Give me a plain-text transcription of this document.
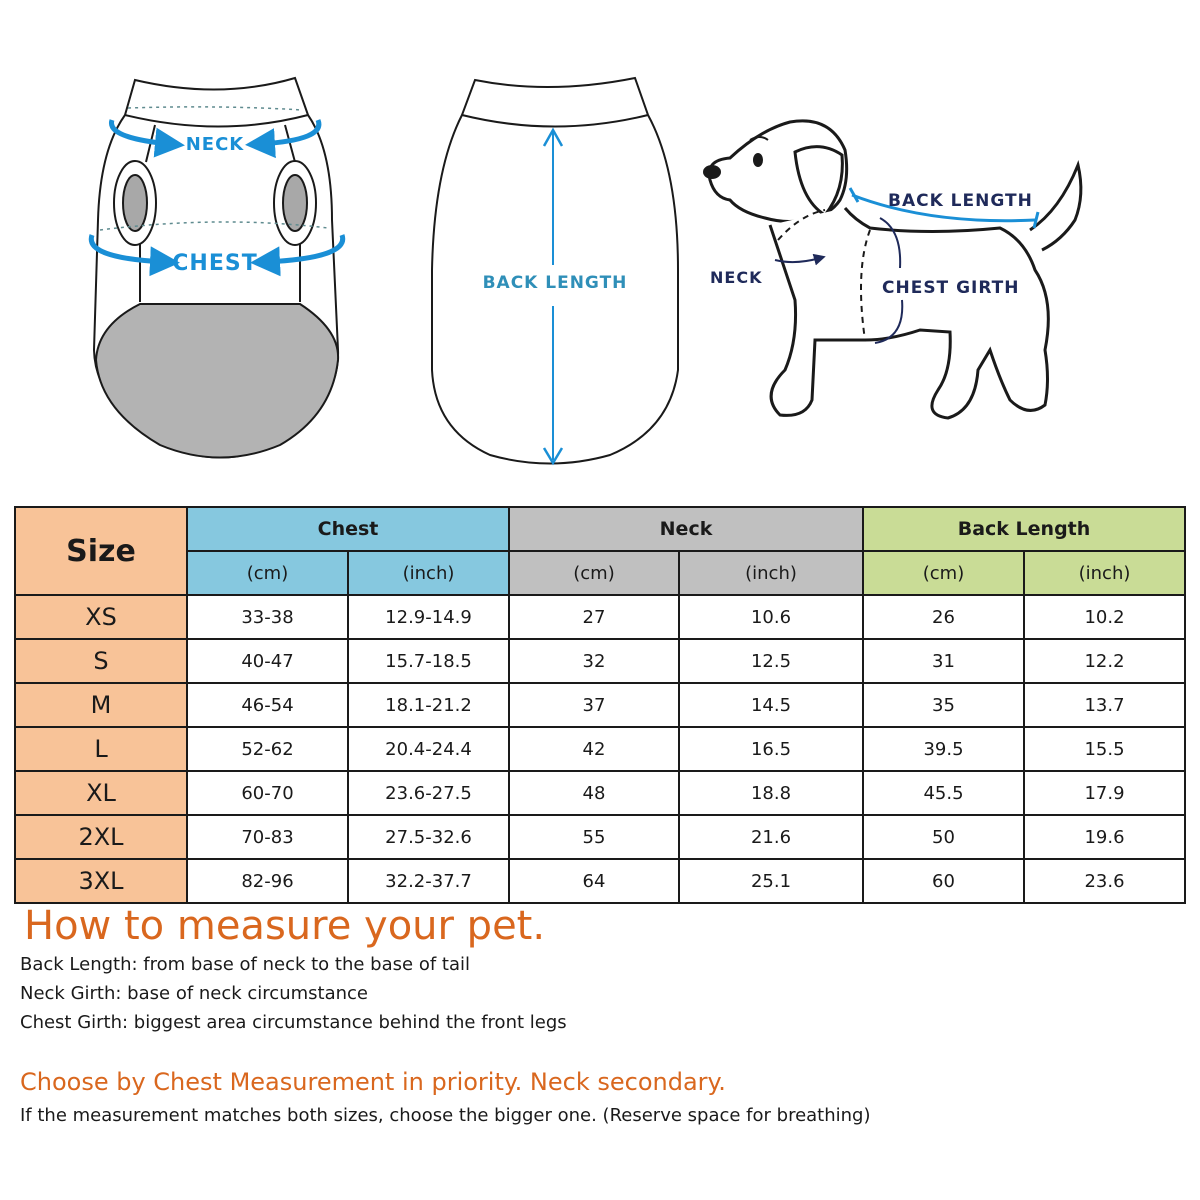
NECK
CHEST
BACK LENGTH
BACK LENGTH
NECK
CHEST GIRTH
Size	Chest		Neck		Back Length	
	(cm)	(inch)	(cm)	(inch)	(cm)	(inch)
XS	33-38	12.9-14.9	27	10.6	26	10.2
S	40-47	15.7-18.5	32	12.5	31	12.2
M	46-54	18.1-21.2	37	14.5	35	13.7
L	52-62	20.4-24.4	42	16.5	39.5	15.5
XL	60-70	23.6-27.5	48	18.8	45.5	17.9
2XL	70-83	27.5-32.6	55	21.6	50	19.6
3XL	82-96	32.2-37.7	64	25.1	60	23.6
How to measure your pet.

Back Length: from base of neck to the base of tail

Neck Girth: base of neck circumstance

Chest Girth: biggest area circumstance behind the front legs

Choose by Chest Measurement in priority. Neck secondary.

If the measurement matches both sizes, choose the bigger one. (Reserve space for breathing)
